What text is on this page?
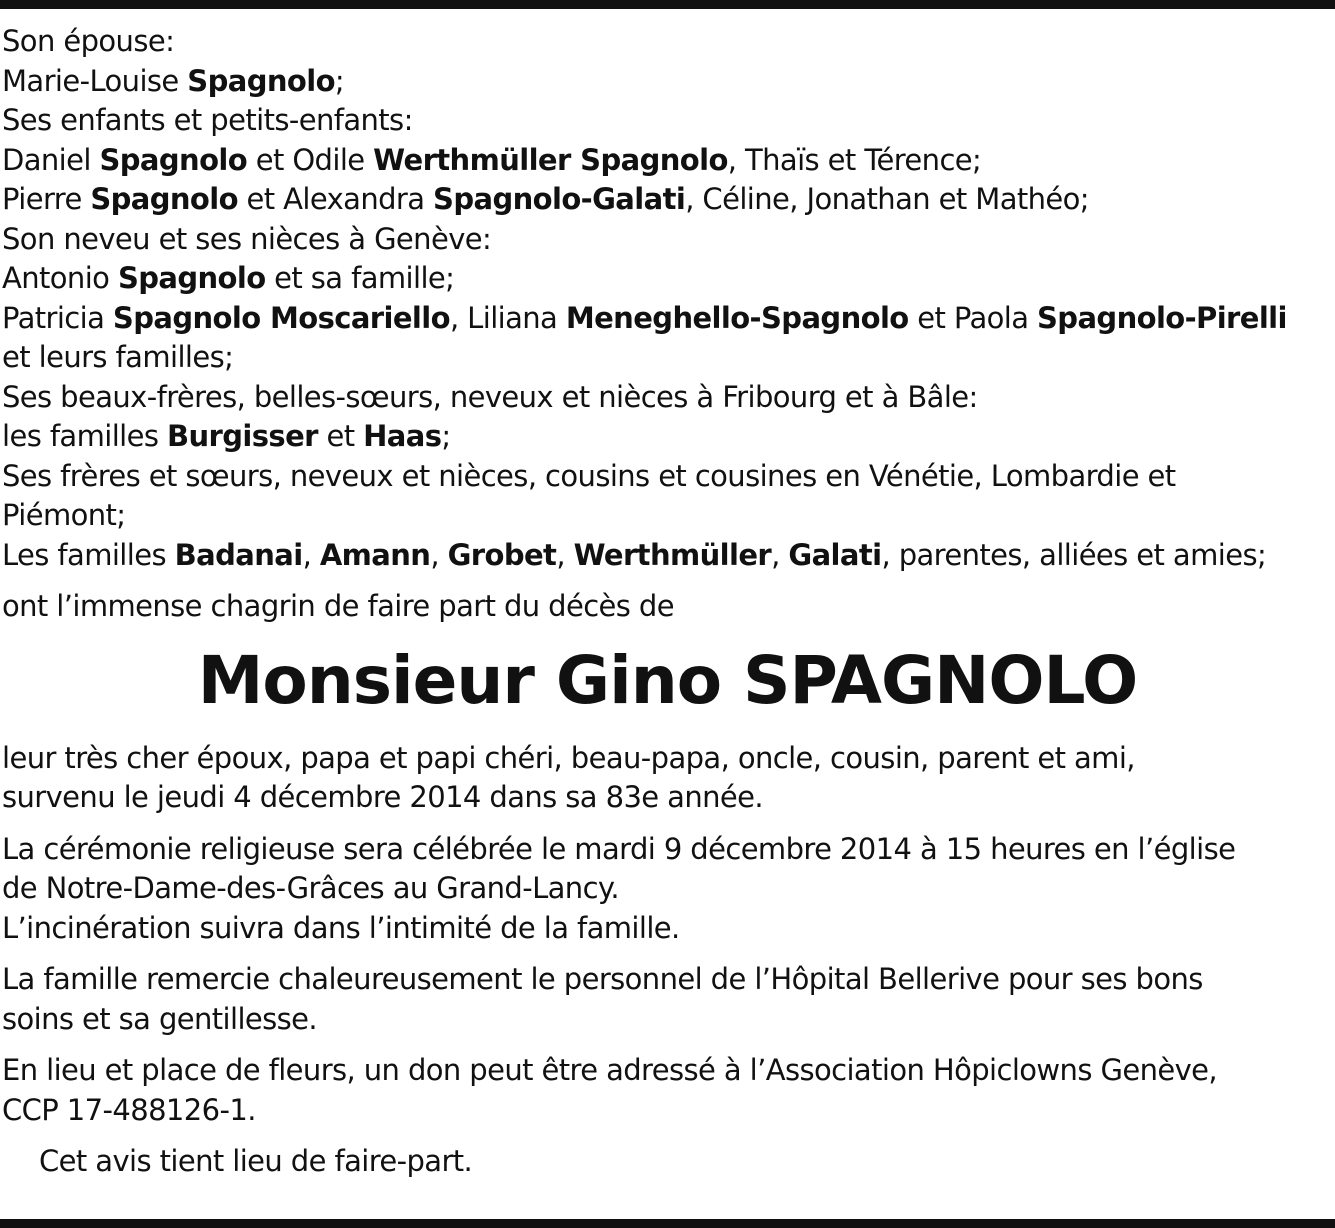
Son épouse:
Marie-Louise Spagnolo;
Ses enfants et petits-enfants:
Daniel Spagnolo et Odile Werthmüller Spagnolo, Thaïs et Térence;
Pierre Spagnolo et Alexandra Spagnolo-Galati, Céline, Jonathan et Mathéo;
Son neveu et ses nièces à Genève:
Antonio Spagnolo et sa famille;
Patricia Spagnolo Moscariello, Liliana Meneghello-Spagnolo et Paola Spagnolo-Pirelli
et leurs familles;
Ses beaux-frères, belles-sœurs, neveux et nièces à Fribourg et à Bâle:
les familles Burgisser et Haas;
Ses frères et sœurs, neveux et nièces, cousins et cousines en Vénétie, Lombardie et
Piémont;
Les familles Badanai, Amann, Grobet, Werthmüller, Galati, parentes, alliées et amies;
ont l’immense chagrin de faire part du décès de
Monsieur Gino SPAGNOLO
leur très cher époux, papa et papi chéri, beau-papa, oncle, cousin, parent et ami,
survenu le jeudi 4 décembre 2014 dans sa 83e année.
La cérémonie religieuse sera célébrée le mardi 9 décembre 2014 à 15 heures en l’église
de Notre-Dame-des-Grâces au Grand-Lancy.
L’incinération suivra dans l’intimité de la famille.
La famille remercie chaleureusement le personnel de l’Hôpital Bellerive pour ses bons
soins et sa gentillesse.
En lieu et place de fleurs, un don peut être adressé à l’Association Hôpiclowns Genève,
CCP 17-488126-1.
Cet avis tient lieu de faire-part.
